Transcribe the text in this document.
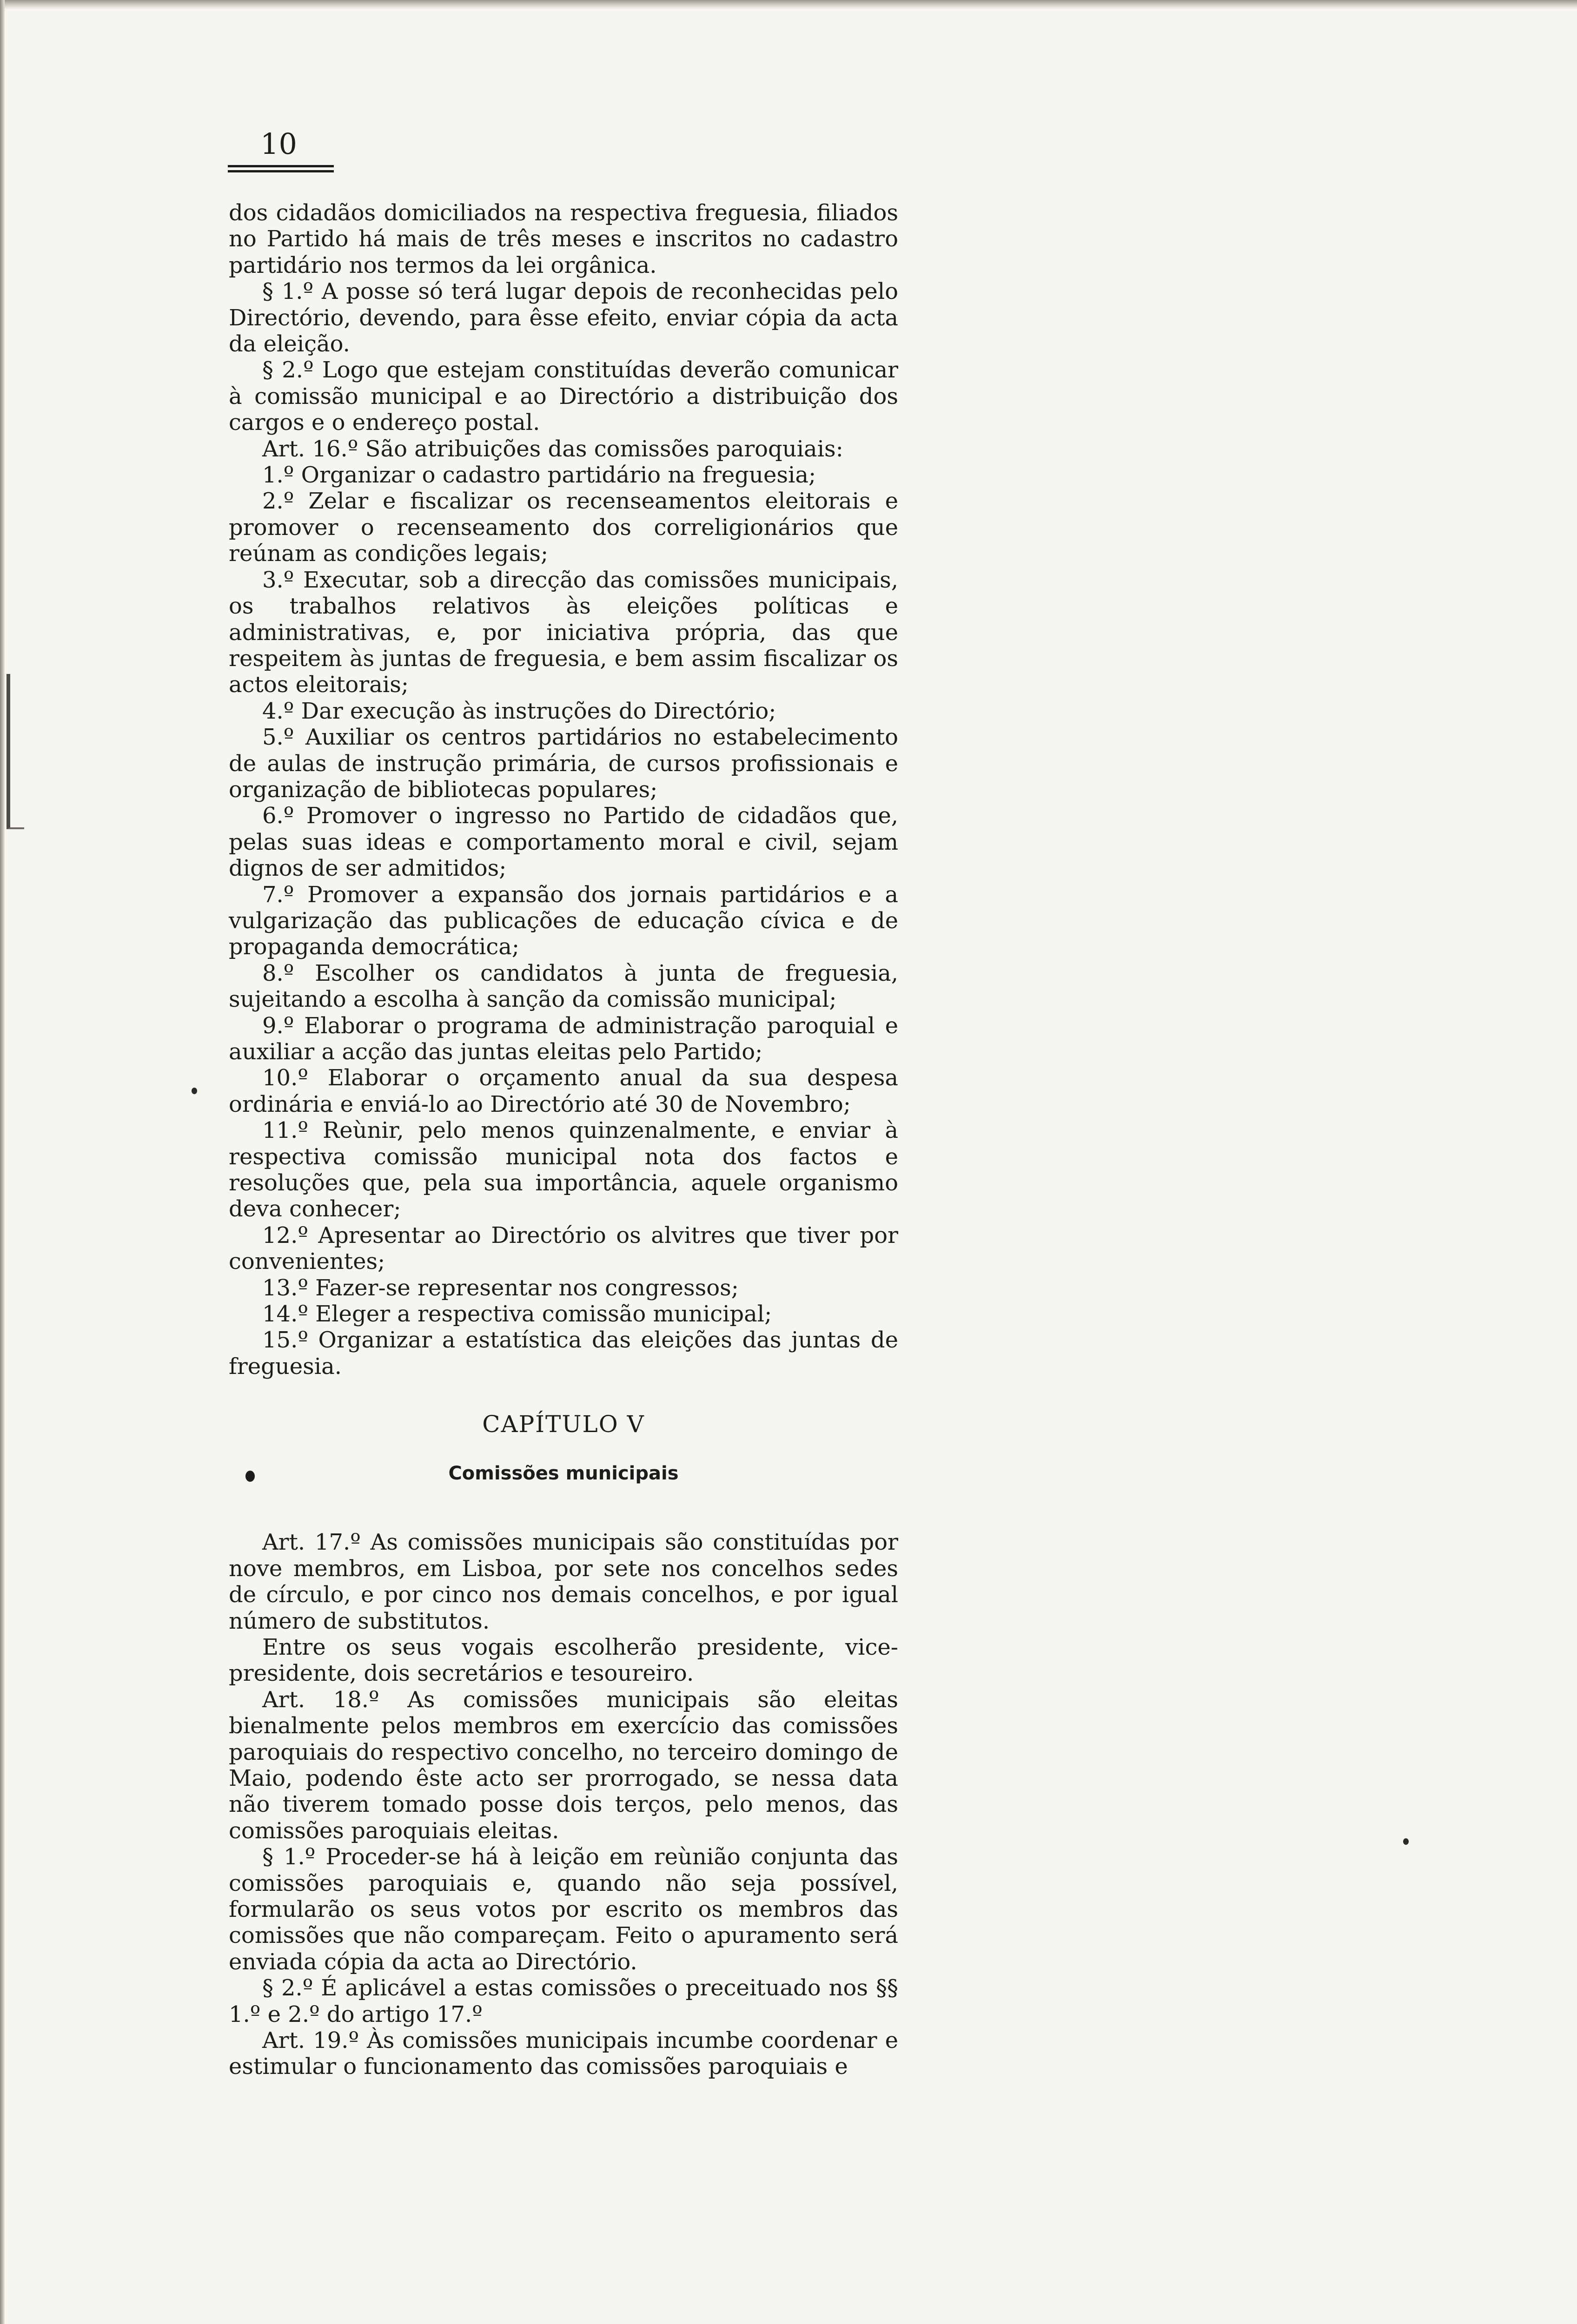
10

dos cidadãos domiciliados na respectiva freguesia, filiados no Partido há mais de três meses e inscritos no cadastro partidário nos termos da lei orgânica.

§ 1.º A posse só terá lugar depois de reconhecidas pelo Directório, devendo, para êsse efeito, enviar cópia da acta da eleição.

§ 2.º Logo que estejam constituídas deverão comunicar à comissão municipal e ao Directório a distribuição dos cargos e o endereço postal.

Art. 16.º São atribuições das comissões paroquiais:

1.º Organizar o cadastro partidário na freguesia;

2.º Zelar e fiscalizar os recenseamentos eleitorais e promover o recenseamento dos correligionários que reúnam as condições legais;

3.º Executar, sob a direcção das comissões municipais, os trabalhos relativos às eleições políticas e administrativas, e, por iniciativa própria, das que respeitem às juntas de freguesia, e bem assim fiscalizar os actos eleitorais;

4.º Dar execução às instruções do Directório;

5.º Auxiliar os centros partidários no estabelecimento de aulas de instrução primária, de cursos profissionais e organização de bibliotecas populares;

6.º Promover o ingresso no Partido de cidadãos que, pelas suas ideas e comportamento moral e civil, sejam dignos de ser admitidos;

7.º Promover a expansão dos jornais partidários e a vulgarização das publicações de educação cívica e de propaganda democrática;

8.º Escolher os candidatos à junta de freguesia, sujeitando a escolha à sanção da comissão municipal;

9.º Elaborar o programa de administração paroquial e auxiliar a acção das juntas eleitas pelo Partido;

10.º Elaborar o orçamento anual da sua despesa ordinária e enviá-lo ao Directório até 30 de Novembro;

11.º Reùnir, pelo menos quinzenalmente, e enviar à respectiva comissão municipal nota dos factos e resoluções que, pela sua importância, aquele organismo deva conhecer;

12.º Apresentar ao Directório os alvitres que tiver por convenientes;

13.º Fazer-se representar nos congressos;

14.º Eleger a respectiva comissão municipal;

15.º Organizar a estatística das eleições das juntas de freguesia.

CAPÍTULO V
Comissões municipais

Art. 17.º As comissões municipais são constituídas por nove membros, em Lisboa, por sete nos concelhos sedes de círculo, e por cinco nos demais concelhos, e por igual número de substitutos.

Entre os seus vogais escolherão presidente, vice-presidente, dois secretários e tesoureiro.

Art. 18.º As comissões municipais são eleitas bienalmente pelos membros em exercício das comissões paroquiais do respectivo concelho, no terceiro domingo de Maio, podendo êste acto ser prorrogado, se nessa data não tiverem tomado posse dois terços, pelo menos, das comissões paroquiais eleitas.

§ 1.º Proceder-se há à leição em reùnião conjunta das comissões paroquiais e, quando não seja possível, formularão os seus votos por escrito os membros das comissões que não compareçam. Feito o apuramento será enviada cópia da acta ao Directório.

§ 2.º É aplicável a estas comissões o preceituado nos §§ 1.º e 2.º do artigo 17.º

Art. 19.º Às comissões municipais incumbe coordenar e estimular o funcionamento das comissões paroquiais e
